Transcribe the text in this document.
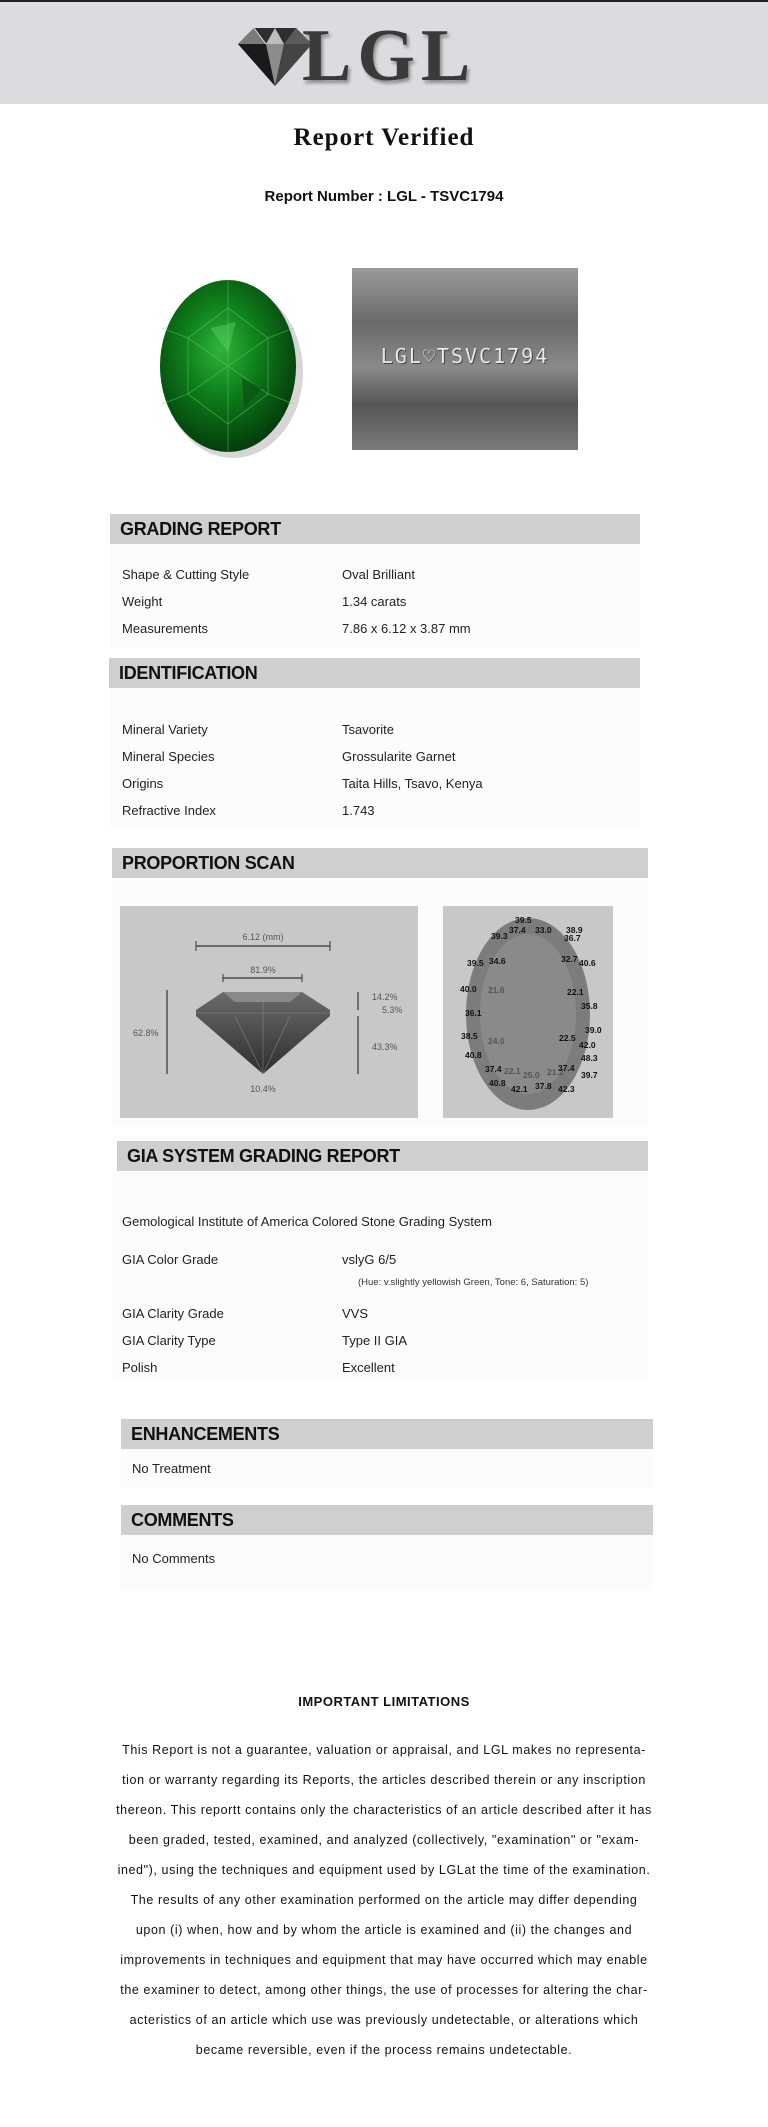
LGL
Report Verified
Report Number : LGL - TSVC1794
LGL♡TSVC1794
GRADING REPORT
Shape & Cutting Style	Oval Brilliant
Weight	1.34 carats
Measurements	7.86 x 6.12 x 3.87 mm
IDENTIFICATION
Mineral Variety	Tsavorite
Mineral Species	Grossularite Garnet
Origins	Taita Hills, Tsavo, Kenya
Refractive Index	1.743
PROPORTION SCAN
6.12 (mm)
81.9%
62.8%
14.2%
5.3%
43.3%
10.4%
39.5
37.4 33.0 38.9
39.3	36.7
39.5 34.6	32.7 40.6
40.0 21.6	22.1
36.1
35.8
38.5 24.0	22.5
39.0
40.8
42.0
37.4 22.1 25.0 21.2
37.4
48.3
40.8
42.1 37.8 42.3
39.7
GIA SYSTEM GRADING REPORT
Gemological Institute of America Colored Stone Grading System
GIA Color Grade	vslyG 6/5
(Hue: v.slightly yellowish Green, Tone: 6, Saturation: 5)
GIA Clarity Grade	VVS
GIA Clarity Type	Type II GIA
Polish	Excellent
ENHANCEMENTS
No Treatment
COMMENTS
No Comments
IMPORTANT LIMITATIONS
This Report is not a guarantee, valuation or appraisal, and LGL makes no representa-
tion or warranty regarding its Reports, the articles described therein or any inscription
thereon. This reportt contains only the characteristics of an article described after it has
been graded, tested, examined, and analyzed (collectively, "examination" or "exam-
ined"), using the techniques and equipment used by LGLat the time of the examination.
The results of any other examination performed on the article may differ depending
upon (i) when, how and by whom the article is examined and (ii) the changes and
improvements in techniques and equipment that may have occurred which may enable
the examiner to detect, among other things, the use of processes for altering the char-
acteristics of an article which use was previously undetectable, or alterations which
became reversible, even if the process remains undetectable.
